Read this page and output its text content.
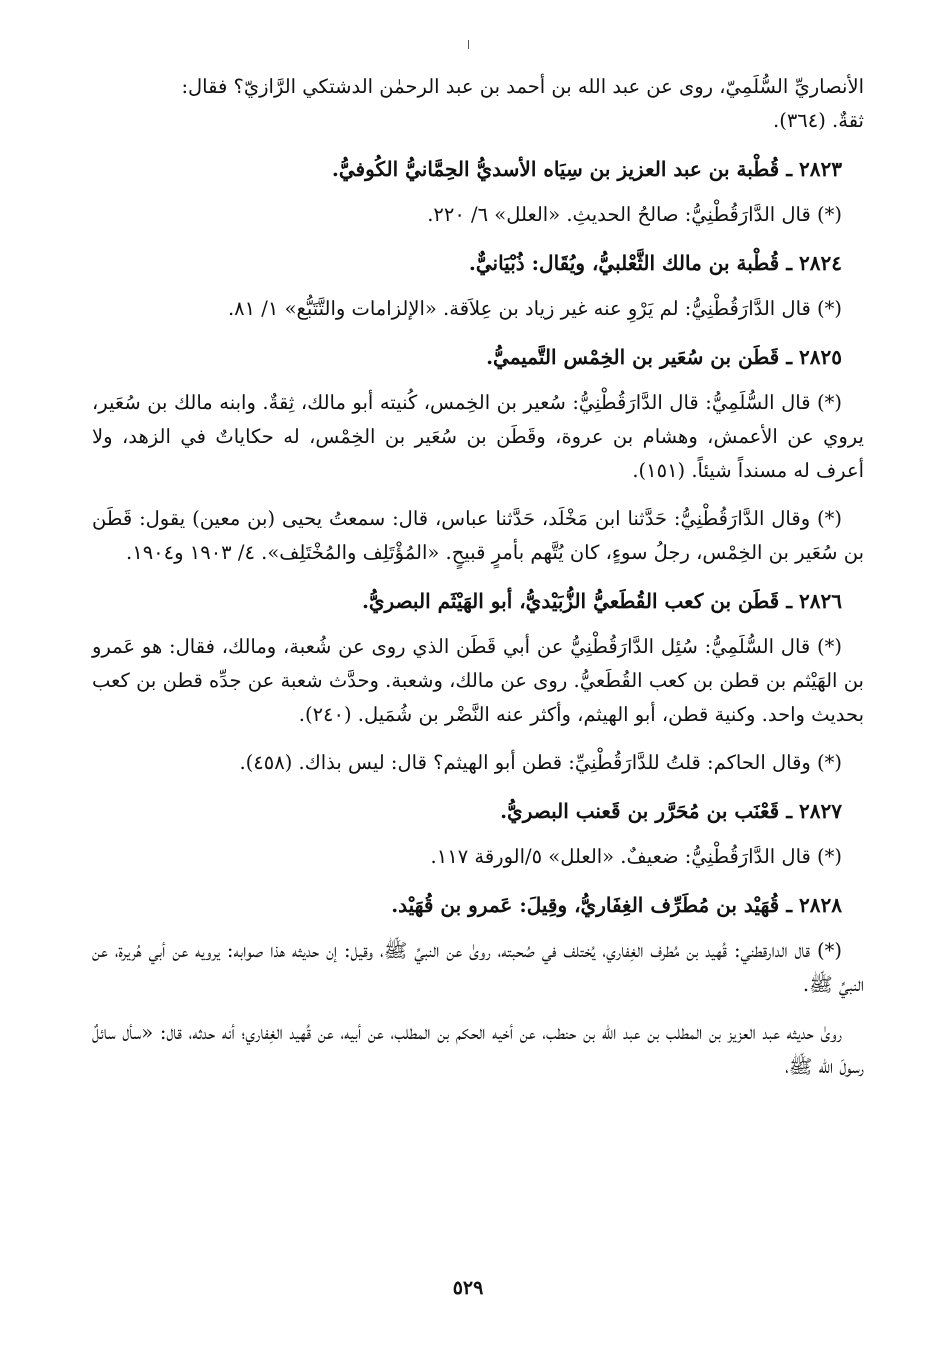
الأنصاريِّ السُّلَمِيّ، روى عن عبد الله بن أحمد بن عبد الرحمٰن الدشتكي الرَّازيّ؟ فقال:
ثقةٌ. (٣٦٤).

٢٨٢٣ ـ قُطْبة بن عبد العزيز بن سِيَاه الأسديُّ الحِمَّانيُّ الكُوفيُّ.

(*) قال الدَّارَقُطْنِيُّ: صالحُ الحديثِ. «العلل» ٦/ ٢٢٠.

٢٨٢٤ ـ قُطْبة بن مالك الثَّعْلبيُّ، ويُقَال: ذُبْيَانيٌّ.

(*) قال الدَّارَقُطْنِيُّ: لم يَرْوِ عنه غير زياد بن عِلاَقة. «الإلزامات والتَّتَبُّع» ١/ ٨١.

٢٨٢٥ ـ قَطَن بن سُعَير بن الخِمْس التَّميميُّ.

(*) قال السُّلَمِيُّ: قال الدَّارَقُطْنِيُّ: سُعير بن الخِمس، كُنيته أبو مالك، ثِقةٌ. وابنه مالك بن سُعَير، يروي عن الأعمش، وهشام بن عروة، وقَطَن بن سُعَير بن الخِمْس، له حكاياتٌ في الزهد، ولا أعرف له مسنداً شيئاً. (١٥١).

(*) وقال الدَّارَقُطْنِيُّ: حَدَّثنا ابن مَخْلَد، حَدَّثنا عباس، قال: سمعتُ يحيى (بن معين) يقول: قَطَن بن سُعَير بن الخِمْس، رجلُ سوءٍ، كان يُتَّهم بأمرٍ قبيحٍ. «المُؤْتَلِف والمُخْتَلِف». ٤/ ١٩٠٣ و١٩٠٤.

٢٨٢٦ ـ قَطَن بن كعب القُطَعيُّ الزُّبَيْديُّ، أبو الهَيْثَم البصريُّ.

(*) قال السُّلَمِيُّ: سُئِل الدَّارَقُطْنِيُّ عن أبي قَطَن الذي روى عن شُعبة، ومالك، فقال: هو عَمرو بن الهَيْثم بن قطن بن كعب القُطَعيُّ. روى عن مالك، وشعبة. وحدَّث شعبة عن جدِّه قطن بن كعب بحديث واحد. وكنية قطن، أبو الهيثم، وأكثر عنه النَّضْر بن شُمَيل. (٢٤٠).

(*) وقال الحاكم: قلتُ للدَّارَقُطْنِيِّ: قطن أبو الهيثم؟ قال: ليس بذاك. (٤٥٨).

٢٨٢٧ ـ قَعْنَب بن مُحَرَّر بن قَعنب البصريُّ.

(*) قال الدَّارَقُطْنِيُّ: ضعيفٌ. «العلل» ٥/الورقة ١١٧.

٢٨٢٨ ـ قُهَيْد بن مُطَرِّف الغِفَاريُّ، وقِيلَ: عَمرو بن قُهَيْد.

(*) قال الدارقطني: قُهيد بن مُطرف الغِفاري، يُختلف في صُحبته، روىٰ عن النبيِّ ﷺ، وقيل: إن حديثه هذا صوابه: يرويه عن أبي هُريرة، عن النبيِّ ﷺ.

روىٰ حديثه عبد العزيز بن المطلب بن عبد الله بن حنطب، عن أخيه الحكم بن المطلب، عن أبيه، عن قُهيد الغِفاري؛ أنه حدثه، قال: «سأل سائلٌ رسولَ الله ﷺ،

٥٢٩
